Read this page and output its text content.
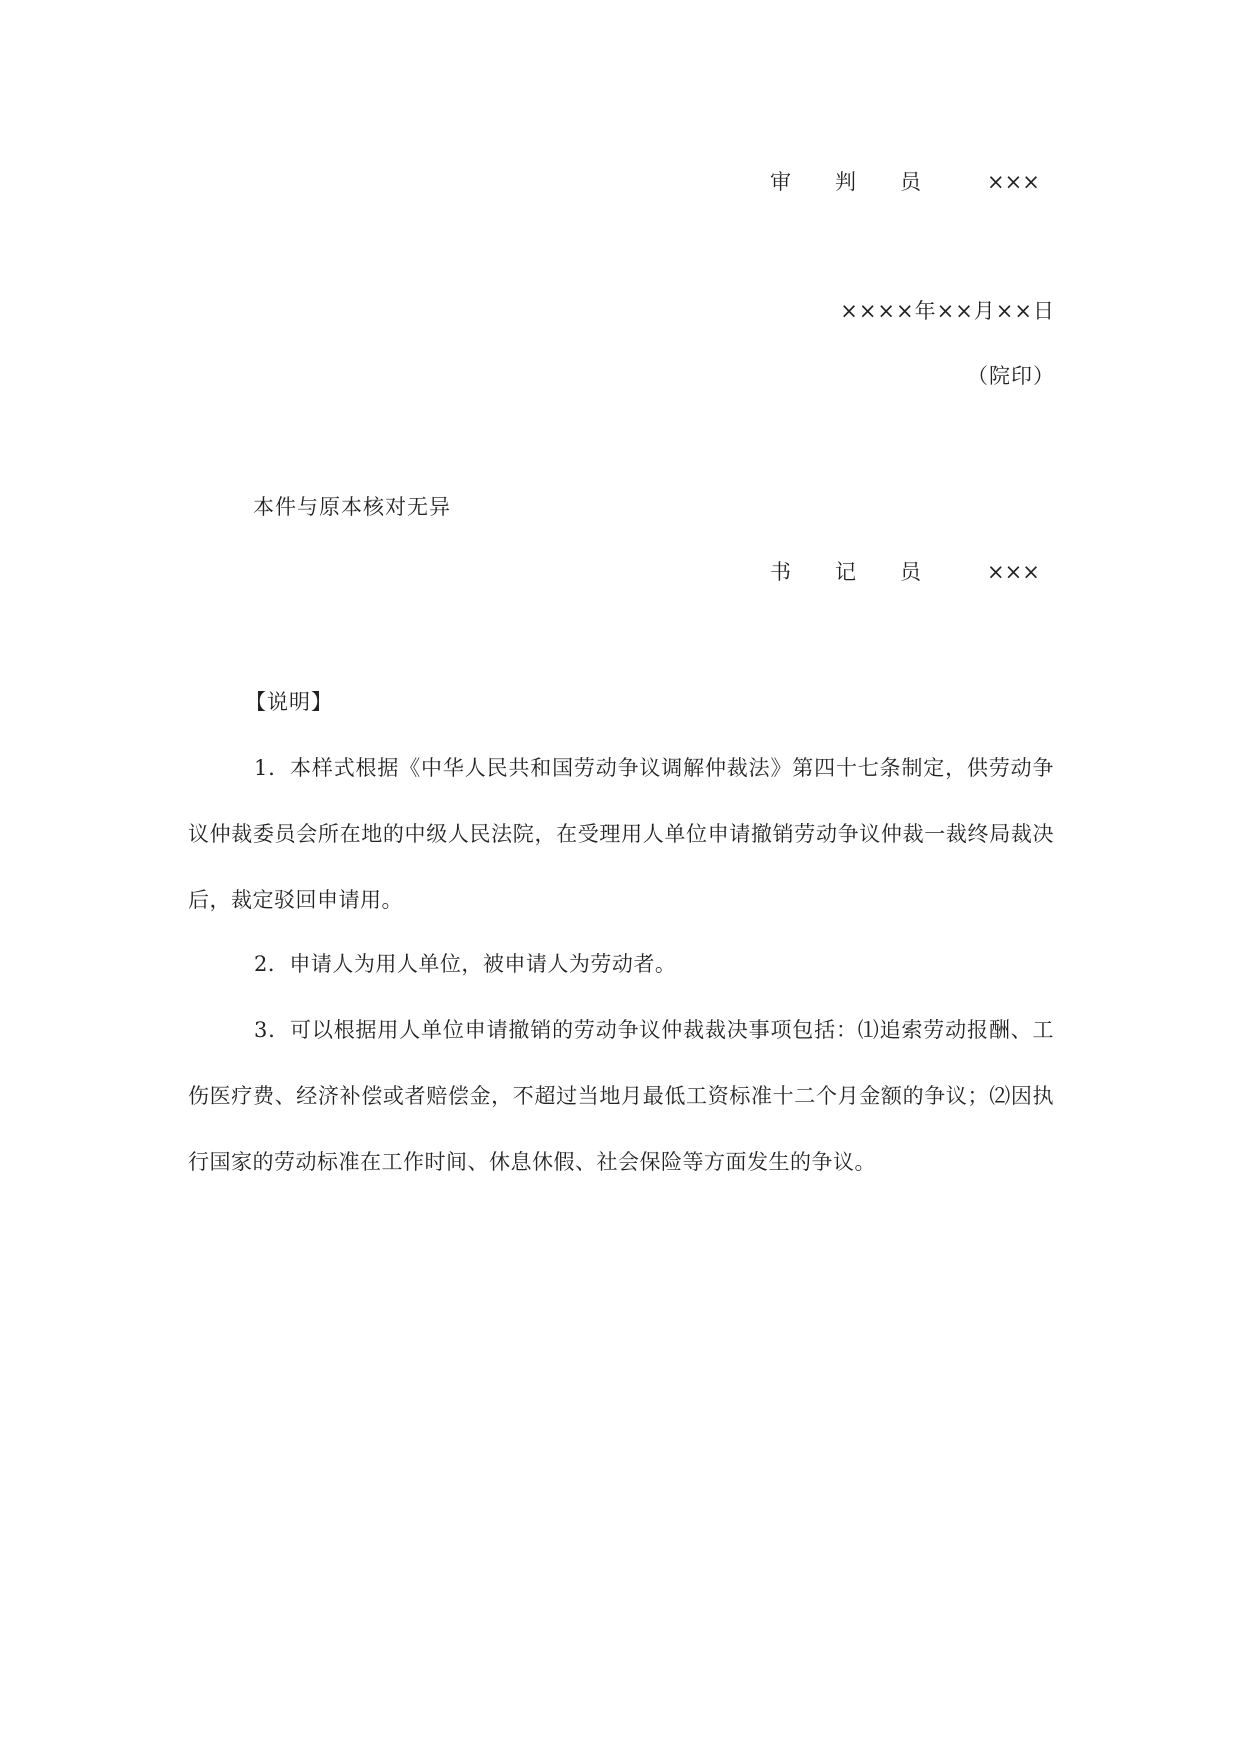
审 判 员	×××
××××年××月××日
（院印）
本件与原本核对无异
书 记 员	×××
【说明】
1．本样式根据《中华人民共和国劳动争议调解仲裁法》第四十七条制定，供劳动争议仲裁委员会所在地的中级人民法院，在受理用人单位申请撤销劳动争议仲裁一裁终局裁决后，裁定驳回申请用。
2．申请人为用人单位，被申请人为劳动者。
3．可以根据用人单位申请撤销的劳动争议仲裁裁决事项包括：⑴追索劳动报酬、工伤医疗费、经济补偿或者赔偿金，不超过当地月最低工资标准十二个月金额的争议；⑵因执行国家的劳动标准在工作时间、休息休假、社会保险等方面发生的争议。
